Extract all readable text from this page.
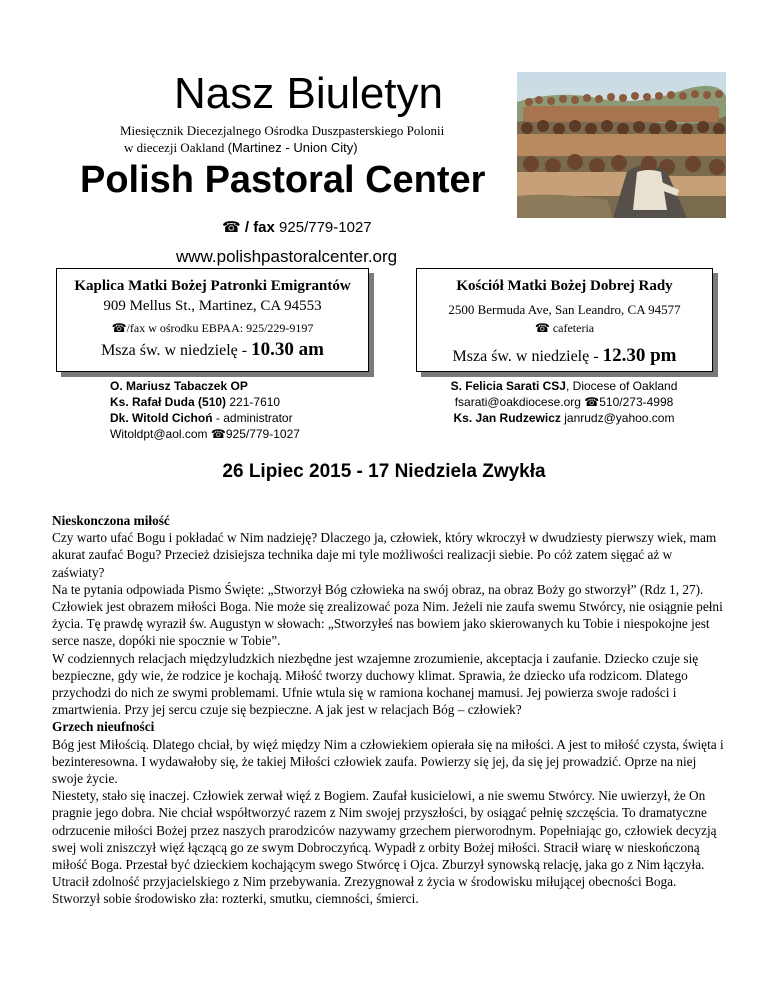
Nasz Biuletyn
Miesięcznik Diecezjalnego Ośrodka Duszpasterskiego Polonii
w diecezji Oakland (Martinez - Union City)
Polish Pastoral Center
☎ / fax 925/779-1027
www.polishpastoralcenter.org
Kaplica Matki Bożej Patronki Emigrantów
909 Mellus St., Martinez, CA 94553
☎/fax w ośrodku EBPAA: 925/229-9197
Msza św. w niedzielę - 10.30 am
Kościół Matki Bożej Dobrej Rady
2500 Bermuda Ave, San Leandro, CA 94577
☎ cafeteria
Msza św. w niedzielę - 12.30 pm
O. Mariusz Tabaczek OP
Ks. Rafał Duda (510) 221-7610
Dk. Witold Cichoń - administrator
Witoldpt@aol.com ☎925/779-1027
S. Felicia Sarati CSJ, Diocese of Oakland
fsarati@oakdiocese.org ☎510/273-4998
Ks. Jan Rudzewicz janrudz@yahoo.com
26 Lipiec 2015 - 17 Niedziela Zwykła

Nieskonczona miłość

Czy warto ufać Bogu i pokładać w Nim nadzieję? Dlaczego ja, człowiek, który wkroczył w dwudziesty pierwszy wiek, mam akurat zaufać Bogu? Przecież dzisiejsza technika daje mi tyle możliwości realizacji siebie. Po cóż zatem sięgać aż w zaświaty?

Na te pytania odpowiada Pismo Święte: „Stworzył Bóg człowieka na swój obraz, na obraz Boży go stworzył” (Rdz 1, 27). Człowiek jest obrazem miłości Boga. Nie może się zrealizować poza Nim. Jeżeli nie zaufa swemu Stwórcy, nie osiągnie pełni życia. Tę prawdę wyraził św. Augustyn w słowach: „Stworzyłeś nas bowiem jako skierowanych ku Tobie i niespokojne jest serce nasze, dopóki nie spocznie w Tobie”.

W codziennych relacjach międzyludzkich niezbędne jest wzajemne zrozumienie, akceptacja i zaufanie. Dziecko czuje się bezpieczne, gdy wie, że rodzice je kochają. Miłość tworzy duchowy klimat. Sprawia, że dziecko ufa rodzicom. Dlatego przychodzi do nich ze swymi problemami. Ufnie wtula się w ramiona kochanej mamusi. Jej powierza swoje radości i zmartwienia. Przy jej sercu czuje się bezpieczne. A jak jest w relacjach Bóg – człowiek?

Grzech nieufności

Bóg jest Miłością. Dlatego chciał, by więź między Nim a człowiekiem opierała się na miłości. A jest to miłość czysta, święta i bezinteresowna. I wydawałoby się, że takiej Miłości człowiek zaufa. Powierzy się jej, da się jej prowadzić. Oprze na niej swoje życie.

Niestety, stało się inaczej. Człowiek zerwał więź z Bogiem. Zaufał kusicielowi, a nie swemu Stwórcy. Nie uwierzył, że On pragnie jego dobra. Nie chciał współtworzyć razem z Nim swojej przyszłości, by osiągać pełnię szczęścia. To dramatyczne odrzucenie miłości Bożej przez naszych prarodziców nazywamy grzechem pierworodnym. Popełniając go, człowiek decyzją swej woli zniszczył więź łączącą go ze swym Dobroczyńcą. Wypadł z orbity Bożej miłości. Stracił wiarę w nieskończoną miłość Boga. Przestał być dzieckiem kochającym swego Stwórcę i Ojca. Zburzył synowską relację, jaka go z Nim łączyła. Utracił zdolność przyjacielskiego z Nim przebywania. Zrezygnował z życia w środowisku miłującej obecności Boga. Stworzył sobie środowisko zła: rozterki, smutku, ciemności, śmierci.
